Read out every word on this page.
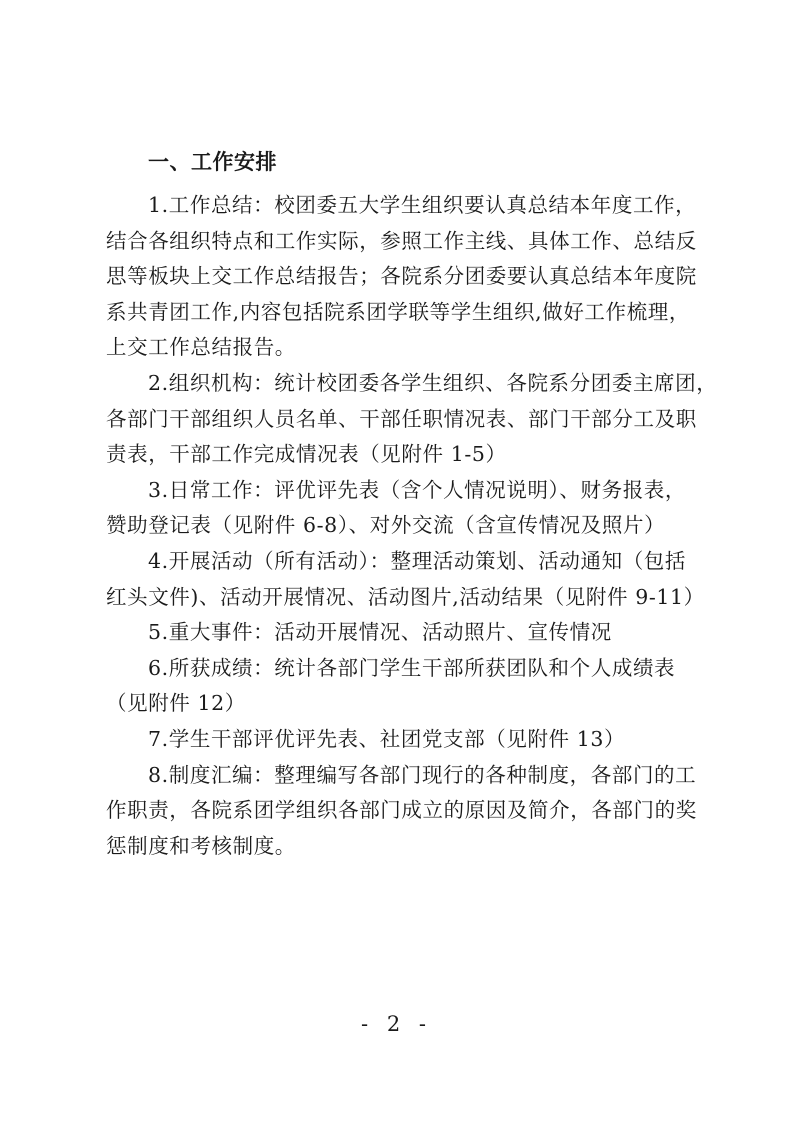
一、工作安排
1.工作总结：校团委五大学生组织要认真总结本年度工作，
结合各组织特点和工作实际，参照工作主线、具体工作、总结反
思等板块上交工作总结报告；各院系分团委要认真总结本年度院
系共青团工作,内容包括院系团学联等学生组织,做好工作梳理，
上交工作总结报告。
2.组织机构：统计校团委各学生组织、各院系分团委主席团，
各部门干部组织人员名单、干部任职情况表、部门干部分工及职
责表，干部工作完成情况表（见附件 1-5）
3.日常工作：评优评先表（含个人情况说明）、财务报表，
赞助登记表（见附件 6-8）、对外交流（含宣传情况及照片）
4.开展活动（所有活动）：整理活动策划、活动通知（包括
红头文件)、活动开展情况、活动图片,活动结果（见附件 9-11）
5.重大事件：活动开展情况、活动照片、宣传情况
6.所获成绩：统计各部门学生干部所获团队和个人成绩表
（见附件 12）
7.学生干部评优评先表、社团党支部（见附件 13）
8.制度汇编：整理编写各部门现行的各种制度，各部门的工
作职责，各院系团学组织各部门成立的原因及简介，各部门的奖
惩制度和考核制度。
- 2 -
